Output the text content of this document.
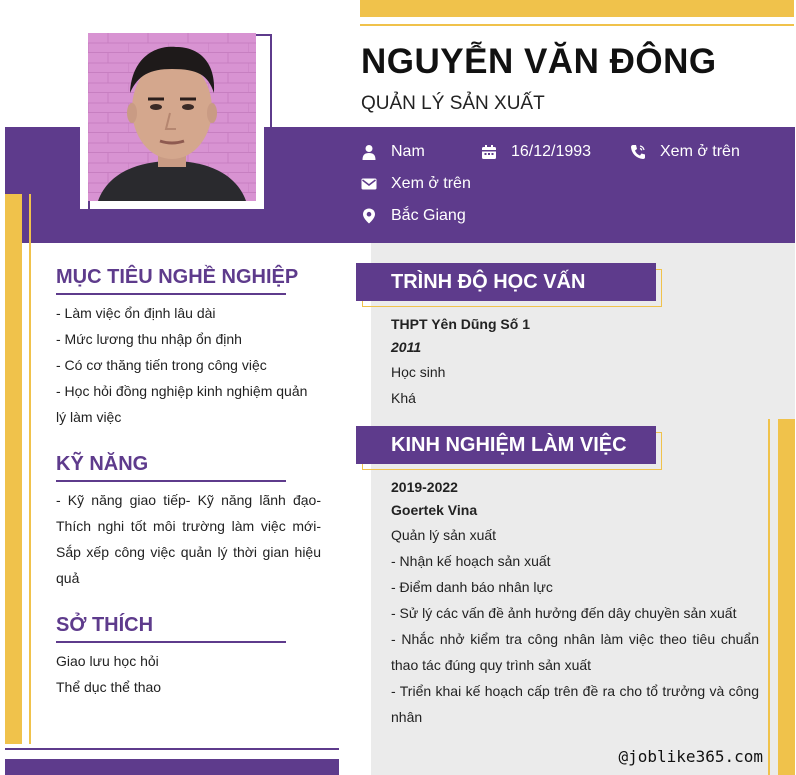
NGUYỄN VĂN ĐÔNG
QUẢN LÝ SẢN XUẤT
Nam	16/12/1993	Xem ở trên
Xem ở trên
Bắc Giang
MỤC TIÊU NGHỀ NGHIỆP
- Làm việc ổn định lâu dài
- Mức lương thu nhập ổn định
- Có cơ thăng tiến trong công việc
- Học hỏi đồng nghiệp kinh nghiệm quản lý làm việc
KỸ NĂNG
- Kỹ năng giao tiếp- Kỹ năng lãnh đạo- Thích nghi tốt môi trường làm việc mới- Sắp xếp công việc quản lý thời gian hiệu quả
SỞ THÍCH
Giao lưu học hỏi
Thể dục thể thao
TRÌNH ĐỘ HỌC VẤN
THPT Yên Dũng Số 1
2011
Học sinh
Khá
KINH NGHIỆM LÀM VIỆC
2019-2022
Goertek Vina
Quản lý sản xuất
- Nhận kế hoạch sản xuất
- Điểm danh báo nhân lực
- Sử lý các vấn đề ảnh hưởng đến dây chuyền sản xuất
- Nhắc nhở kiểm tra công nhân làm việc theo tiêu chuẩn thao tác đúng quy trình sản xuất
- Triển khai kế hoạch cấp trên đề ra cho tổ trưởng và công nhân
@joblike365.com
